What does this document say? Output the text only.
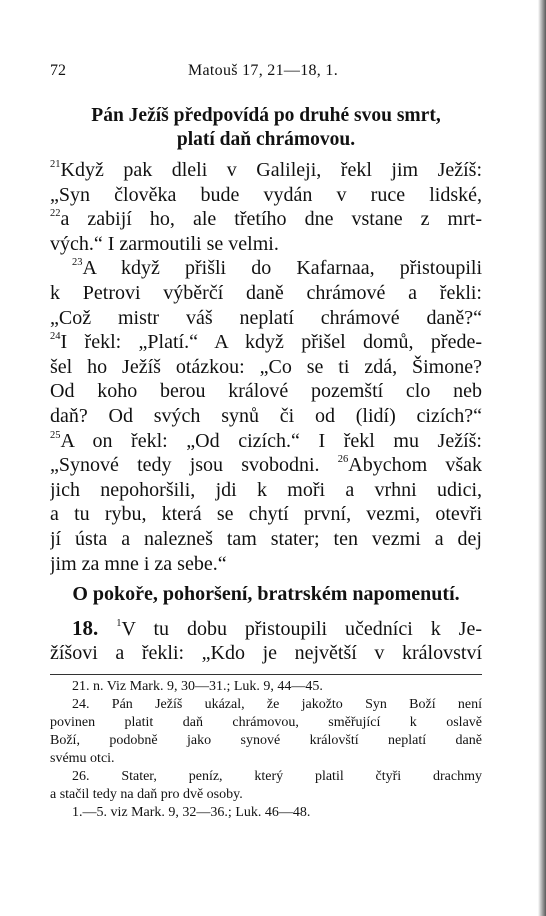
72	Matouš 17, 21—18, 1.
Pán Ježíš předpovídá po druhé svou smrt,
platí daň chrámovou.
$^{21}$Když pak dleli v Galileji, řekl jim Ježíš:
„Syn člověka bude vydán v ruce lidské,
$^{22}$a zabijí ho, ale třetího dne vstane z mrt-
vých.“ I zarmoutili se velmi.
$^{23}$A když přišli do Kafarnaa, přistoupili
k Petrovi výběrčí daně chrámové a řekli:
„Což mistr váš neplatí chrámové daně?“
$^{24}$I řekl: „Platí.“ A když přišel domů, přede-
šel ho Ježíš otázkou: „Co se ti zdá, Šimone?
Od koho berou králové pozemští clo neb
daň? Od svých synů či od (lidí) cizích?“
$^{25}$A on řekl: „Od cizích.“ I řekl mu Ježíš:
„Synové tedy jsou svobodni. $^{26}$Abychom však
jich nepohoršili, jdi k moři a vrhni udici,
a tu rybu, která se chytí první, vezmi, otevři
jí ústa a nalezneš tam stater; ten vezmi a dej
jim za mne i za sebe.“
O pokoře, pohoršení, bratrském napomenutí.
18. $^1$V tu dobu přistoupili učedníci k Je-
žíšovi a řekli: „Kdo je největší v království
21. n. Viz Mark. 9, 30—31.; Luk. 9, 44—45.
24. Pán Ježíš ukázal, že jakožto Syn Boží není
povinen platit daň chrámovou, směřující k oslavě
Boží, podobně jako synové královští neplatí daně
svému otci.
26. Stater, peníz, který platil čtyři drachmy
a stačil tedy na daň pro dvě osoby.
1.—5. viz Mark. 9, 32—36.; Luk. 46—48.
